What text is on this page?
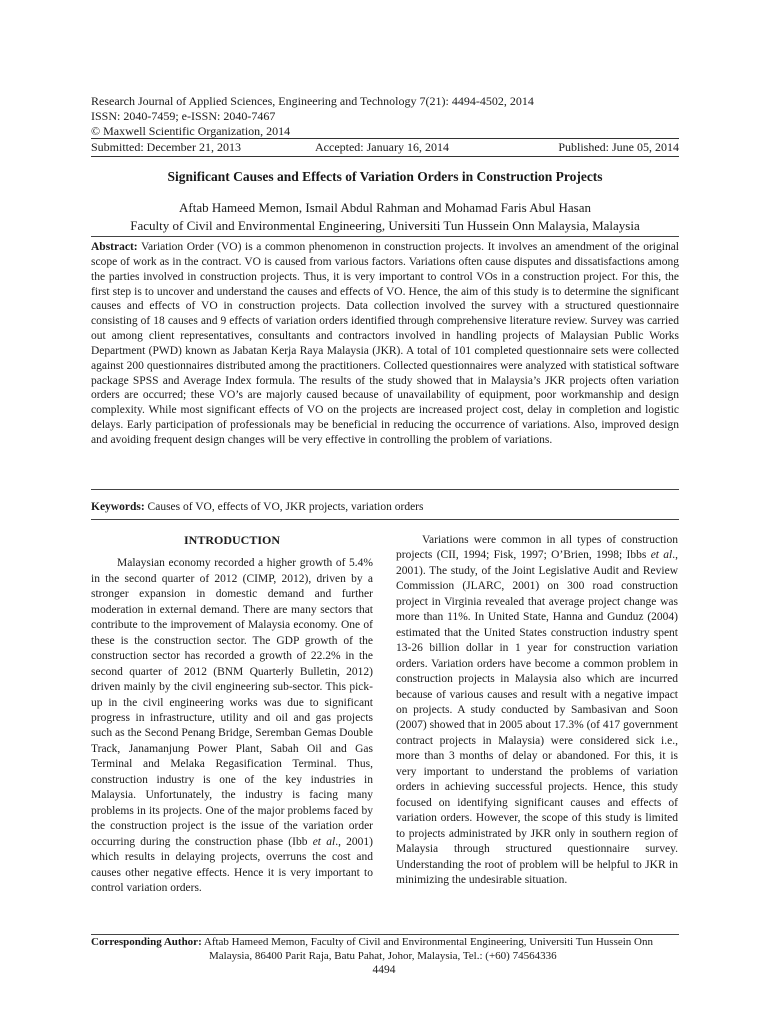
Research Journal of Applied Sciences, Engineering and Technology 7(21): 4494-4502, 2014
ISSN: 2040-7459; e-ISSN: 2040-7467
© Maxwell Scientific Organization, 2014
Submitted: December 21, 2013	Accepted: January 16, 2014	Published: June 05, 2014
Significant Causes and Effects of Variation Orders in Construction Projects
Aftab Hameed Memon, Ismail Abdul Rahman and Mohamad Faris Abul Hasan
Faculty of Civil and Environmental Engineering, Universiti Tun Hussein Onn Malaysia, Malaysia

Abstract: Variation Order (VO) is a common phenomenon in construction projects. It involves an amendment of the original scope of work as in the contract. VO is caused from various factors. Variations often cause disputes and dissatisfactions among the parties involved in construction projects. Thus, it is very important to control VOs in a construction project. For this, the first step is to uncover and understand the causes and effects of VO. Hence, the aim of this study is to determine the significant causes and effects of VO in construction projects. Data collection involved the survey with a structured questionnaire consisting of 18 causes and 9 effects of variation orders identified through comprehensive literature review. Survey was carried out among client representatives, consultants and contractors involved in handling projects of Malaysian Public Works Department (PWD) known as Jabatan Kerja Raya Malaysia (JKR). A total of 101 completed questionnaire sets were collected against 200 questionnaires distributed among the practitioners. Collected questionnaires were analyzed with statistical software package SPSS and Average Index formula. The results of the study showed that in Malaysia’s JKR projects often variation orders are occurred; these VO’s are majorly caused because of unavailability of equipment, poor workmanship and design complexity. While most significant effects of VO on the projects are increased project cost, delay in completion and logistic delays. Early participation of professionals may be beneficial in reducing the occurrence of variations. Also, improved design and avoiding frequent design changes will be very effective in controlling the problem of variations.

Keywords: Causes of VO, effects of VO, JKR projects, variation orders
INTRODUCTION

Malaysian economy recorded a higher growth of 5.4% in the second quarter of 2012 (CIMP, 2012), driven by a stronger expansion in domestic demand and further moderation in external demand. There are many sectors that contribute to the improvement of Malaysia economy. One of these is the construction sector. The GDP growth of the construction sector has recorded a growth of 22.2% in the second quarter of 2012 (BNM Quarterly Bulletin, 2012) driven mainly by the civil engineering sub-sector. This pick-up in the civil engineering works was due to significant progress in infrastructure, utility and oil and gas projects such as the Second Penang Bridge, Seremban Gemas Double Track, Janamanjung Power Plant, Sabah Oil and Gas Terminal and Melaka Regasification Terminal. Thus, construction industry is one of the key industries in Malaysia. Unfortunately, the industry is facing many problems in its projects. One of the major problems faced by the construction project is the issue of the variation order occurring during the construction phase (Ibb et al., 2001) which results in delaying projects, overruns the cost and causes other negative effects. Hence it is very important to control variation orders.

Variations were common in all types of construction projects (CII, 1994; Fisk, 1997; O’Brien, 1998; Ibbs et al., 2001). The study, of the Joint Legislative Audit and Review Commission (JLARC, 2001) on 300 road construction project in Virginia revealed that average project change was more than 11%. In United State, Hanna and Gunduz (2004) estimated that the United States construction industry spent 13-26 billion dollar in 1 year for construction variation orders. Variation orders have become a common problem in construction projects in Malaysia also which are incurred because of various causes and result with a negative impact on projects. A study conducted by Sambasivan and Soon (2007) showed that in 2005 about 17.3% (of 417 government contract projects in Malaysia) were considered sick i.e., more than 3 months of delay or abandoned. For this, it is very important to understand the problems of variation orders in achieving successful projects. Hence, this study focused on identifying significant causes and effects of variation orders. However, the scope of this study is limited to projects administrated by JKR only in southern region of Malaysia through structured questionnaire survey. Understanding the root of problem will be helpful to JKR in minimizing the undesirable situation.

Corresponding Author: Aftab Hameed Memon, Faculty of Civil and Environmental Engineering, Universiti Tun Hussein Onn
Malaysia, 86400 Parit Raja, Batu Pahat, Johor, Malaysia, Tel.: (+60) 74564336
4494
